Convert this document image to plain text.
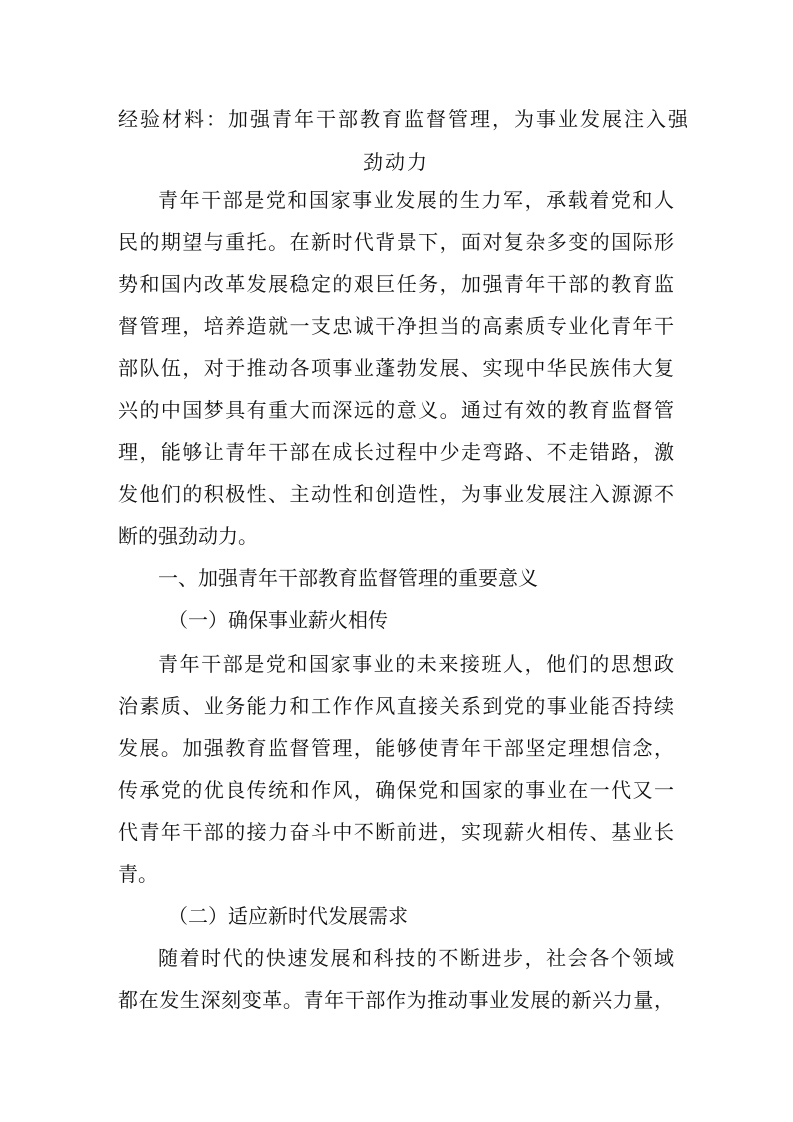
经验材料：加强青年干部教育监督管理，为事业发展注入强
劲动力
青年干部是党和国家事业发展的生力军，承载着党和人
民的期望与重托。在新时代背景下，面对复杂多变的国际形
势和国内改革发展稳定的艰巨任务，加强青年干部的教育监
督管理，培养造就一支忠诚干净担当的高素质专业化青年干
部队伍，对于推动各项事业蓬勃发展、实现中华民族伟大复
兴的中国梦具有重大而深远的意义。通过有效的教育监督管
理，能够让青年干部在成长过程中少走弯路、不走错路，激
发他们的积极性、主动性和创造性，为事业发展注入源源不
断的强劲动力。
一、加强青年干部教育监督管理的重要意义
（一）确保事业薪火相传
青年干部是党和国家事业的未来接班人，他们的思想政
治素质、业务能力和工作作风直接关系到党的事业能否持续
发展。加强教育监督管理，能够使青年干部坚定理想信念，
传承党的优良传统和作风，确保党和国家的事业在一代又一
代青年干部的接力奋斗中不断前进，实现薪火相传、基业长
青。
（二）适应新时代发展需求
随着时代的快速发展和科技的不断进步，社会各个领域
都在发生深刻变革。青年干部作为推动事业发展的新兴力量，
